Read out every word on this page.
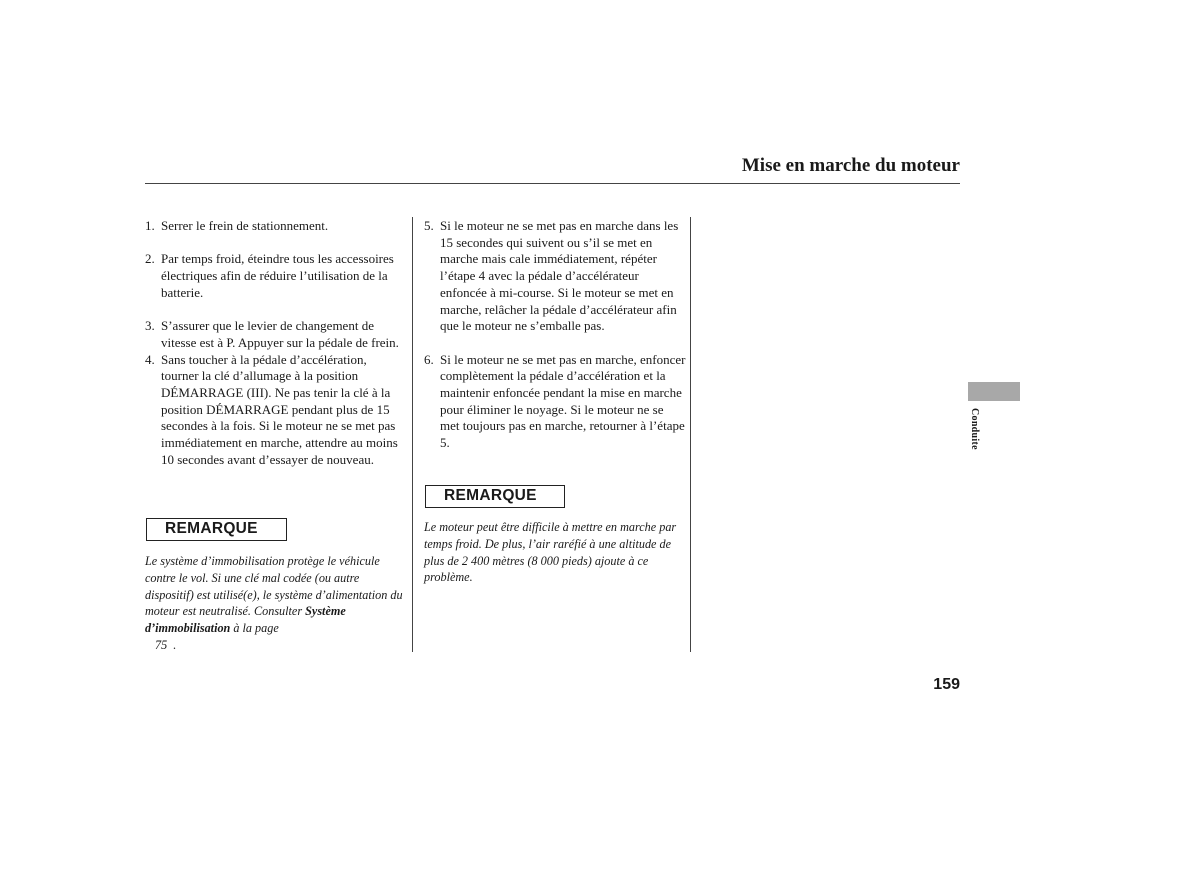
Mise en marche du moteur
1. Serrer le frein de stationnement.
2. Par temps froid, éteindre tous les accessoires électriques afin de réduire l’utilisation de la batterie.
3. S’assurer que le levier de changement de vitesse est à P. Appuyer sur la pédale de frein.
4. Sans toucher à la pédale d’accélération, tourner la clé d’allumage à la position DÉMARRAGE (III). Ne pas tenir la clé à la position DÉMARRAGE pendant plus de 15 secondes à la fois. Si le moteur ne se met pas immédiatement en marche, attendre au moins 10 secondes avant d’essayer de nouveau.
REMARQUE
Le système d’immobilisation protège le véhicule contre le vol. Si une clé mal codée (ou autre dispositif) est utilisé(e), le système d’alimentation du moteur est neutralisé. Consulter Système d’immobilisation à la page
75 .
5. Si le moteur ne se met pas en marche dans les 15 secondes qui suivent ou s’il se met en marche mais cale immédiatement, répéter l’étape 4 avec la pédale d’accélérateur enfoncée à mi-course. Si le moteur se met en marche, relâcher la pédale d’accélérateur afin que le moteur ne s’emballe pas.
6. Si le moteur ne se met pas en marche, enfoncer complètement la pédale d’accélération et la maintenir enfoncée pendant la mise en marche pour éliminer le noyage. Si le moteur ne se met toujours pas en marche, retourner à l’étape 5.
REMARQUE
Le moteur peut être difficile à mettre en marche par temps froid. De plus, l’air raréfié à une altitude de plus de 2 400 mètres (8 000 pieds) ajoute à ce problème.
Conduite
159
